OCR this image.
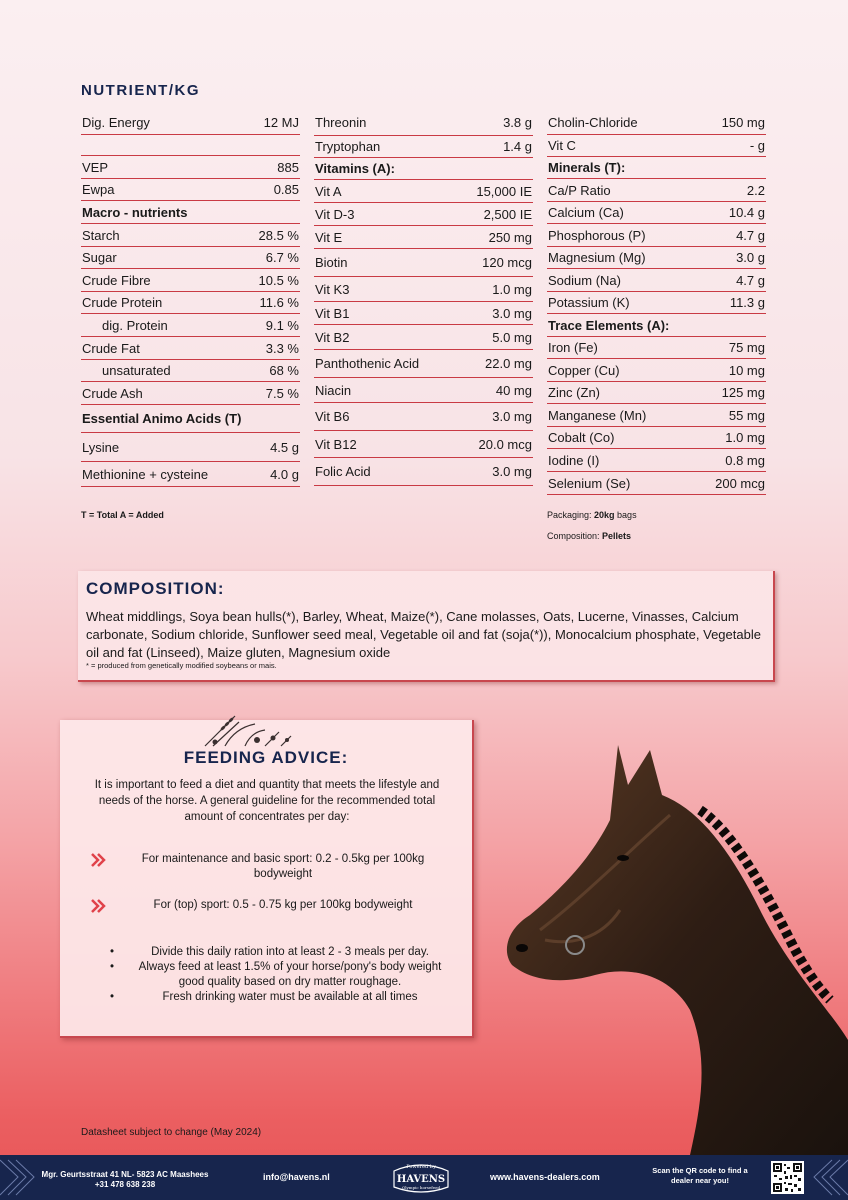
NUTRIENT/KG
Dig. Energy	12 MJ
VEP	885
Ewpa	0.85
Macro - nutrients
Starch	28.5 %
Sugar	6.7 %
Crude Fibre	10.5 %
Crude Protein	11.6 %
dig. Protein	9.1 %
Crude Fat	3.3 %
unsaturated	68 %
Crude Ash	7.5 %
Essential Animo Acids (T)
Lysine	4.5 g
Methionine + cysteine	4.0 g
Threonin	3.8 g
Tryptophan	1.4 g
Vitamins (A):
Vit A	15,000 IE
Vit D-3	2,500 IE
Vit E	250 mg
Biotin	120 mcg
Vit K3	1.0 mg
Vit B1	3.0 mg
Vit B2	5.0 mg
Panthothenic Acid	22.0 mg
Niacin	40 mg
Vit B6	3.0 mg
Vit B12	20.0 mcg
Folic Acid	3.0 mg
Cholin-Chloride	150 mg
Vit C	- g
Minerals (T):
Ca/P Ratio	2.2
Calcium (Ca)	10.4 g
Phosphorous (P)	4.7 g
Magnesium (Mg)	3.0 g
Sodium (Na)	4.7 g
Potassium (K)	11.3 g
Trace Elements (A):
Iron (Fe)	75 mg
Copper (Cu)	10 mg
Zinc (Zn)	125 mg
Manganese (Mn)	55 mg
Cobalt (Co)	1.0 mg
Iodine (I)	0.8 mg
Selenium (Se)	200 mcg
T = Total A = Added	Packaging: 20kg bags
Composition: Pellets
COMPOSITION:
Wheat middlings, Soya bean hulls(*), Barley, Wheat, Maize(*), Cane molasses, Oats, Lucerne, Vinasses, Calcium carbonate, Sodium chloride, Sunflower seed meal, Vegetable oil and fat (soja(*)), Monocalcium phosphate, Vegetable oil and fat (Linseed), Maize gluten, Magnesium oxide
* = produced from genetically modified soybeans or mais.
FEEDING ADVICE:
It is important to feed a diet and quantity that meets the lifestyle and needs of the horse. A general guideline for the recommended total amount of concentrates per day:
For maintenance and basic sport: 0.2 - 0.5kg per 100kg bodyweight
For (top) sport: 0.5 - 0.75 kg per 100kg bodyweight
•	Divide this daily ration into at least 2 - 3 meals per day.
•	Always feed at least 1.5% of your horse/pony's body weight good quality based on dry matter roughage.
•	Fresh drinking water must be available at all times
Datasheet subject to change (May 2024)
Mgr. Geurtsstraat 41 NL- 5823 AC Maashees
+31 478 638 238
info@havens.nl
Powered by
HAVENS
Olympic horsefeed
www.havens-dealers.com
Scan the QR code to find a dealer near you!
